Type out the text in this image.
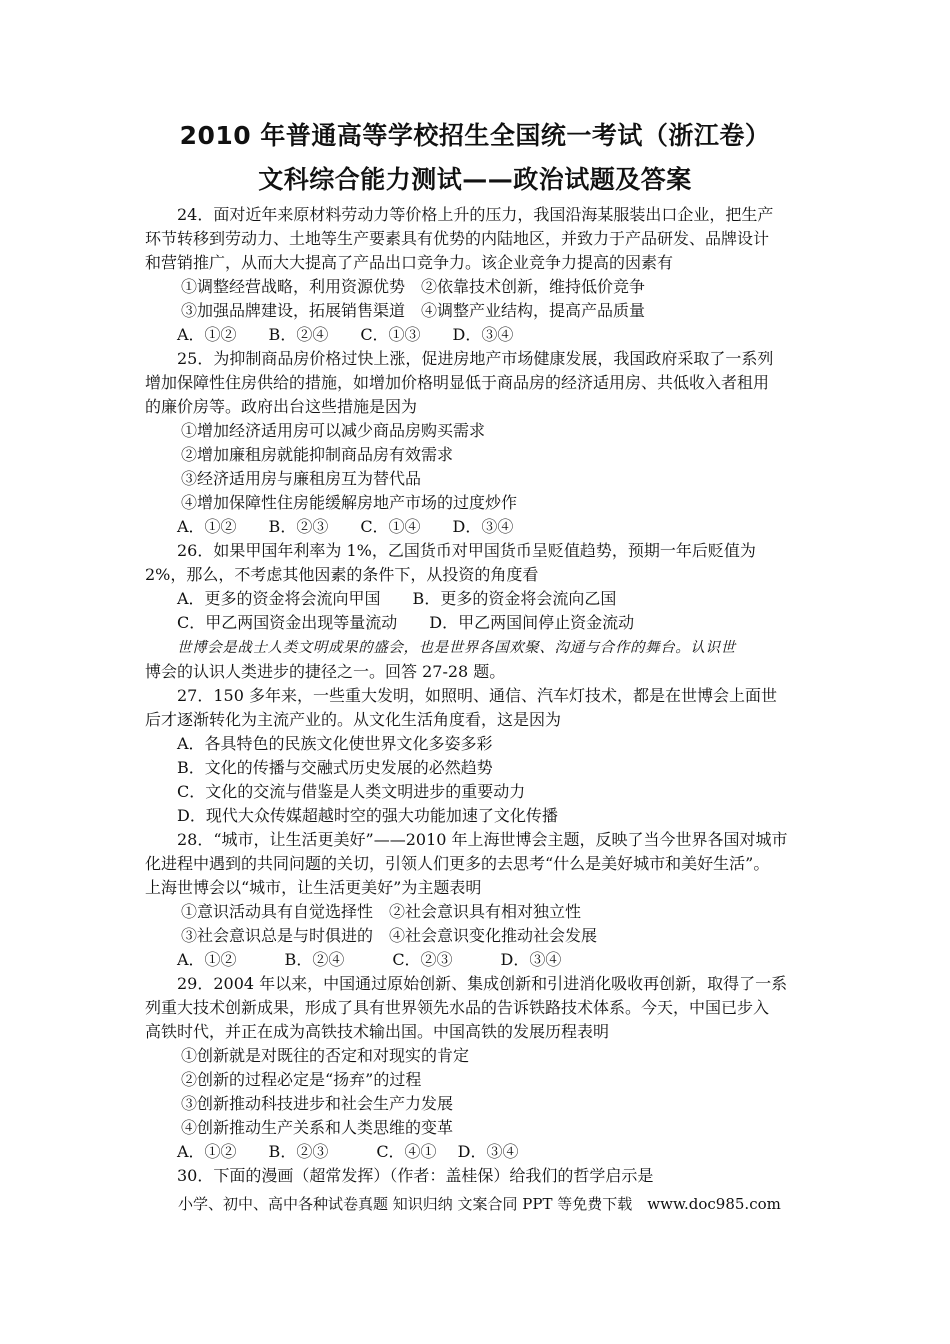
2010 年普通高等学校招生全国统一考试（浙江卷）
文科综合能力测试——政治试题及答案
24．面对近年来原材料劳动力等价格上升的压力，我国沿海某服装出口企业，把生产
环节转移到劳动力、土地等生产要素具有优势的内陆地区，并致力于产品研发、品牌设计
和营销推广，从而大大提高了产品出口竞争力。该企业竞争力提高的因素有
①调整经营战略，利用资源优势　②依靠技术创新，维持低价竞争
③加强品牌建设，拓展销售渠道　④调整产业结构，提高产品质量
A．①②　　B．②④　　C．①③　　D．③④
25．为抑制商品房价格过快上涨，促进房地产市场健康发展，我国政府采取了一系列
增加保障性住房供给的措施，如增加价格明显低于商品房的经济适用房、共低收入者租用
的廉价房等。政府出台这些措施是因为
①增加经济适用房可以减少商品房购买需求
②增加廉租房就能抑制商品房有效需求
③经济适用房与廉租房互为替代品
④增加保障性住房能缓解房地产市场的过度炒作
A．①②　　B．②③　　C．①④　　D．③④
26．如果甲国年利率为 1%，乙国货币对甲国货币呈贬值趋势，预期一年后贬值为
2%，那么，不考虑其他因素的条件下，从投资的角度看
A．更多的资金将会流向甲国　　B．更多的资金将会流向乙国
C．甲乙两国资金出现等量流动　　D．甲乙两国间停止资金流动
世博会是战士人类文明成果的盛会，也是世界各国欢聚、沟通与合作的舞台。认识世
博会的认识人类进步的捷径之一。回答 27-28 题。
27．150 多年来，一些重大发明，如照明、通信、汽车灯技术，都是在世博会上面世
后才逐渐转化为主流产业的。从文化生活角度看，这是因为
A．各具特色的民族文化使世界文化多姿多彩
B．文化的传播与交融式历史发展的必然趋势
C．文化的交流与借鉴是人类文明进步的重要动力
D．现代大众传媒超越时空的强大功能加速了文化传播
28．“城市，让生活更美好”——2010 年上海世博会主题，反映了当今世界各国对城市
化进程中遇到的共同问题的关切，引领人们更多的去思考“什么是美好城市和美好生活”。
上海世博会以“城市，让生活更美好”为主题表明
①意识活动具有自觉选择性　②社会意识具有相对独立性
③社会意识总是与时俱进的　④社会意识变化推动社会发展
A．①②　　　B．②④　　　C．②③　　　D．③④
29．2004 年以来，中国通过原始创新、集成创新和引进消化吸收再创新，取得了一系
列重大技术创新成果，形成了具有世界领先水品的告诉铁路技术体系。今天，中国已步入
高铁时代，并正在成为高铁技术输出国。中国高铁的发展历程表明
①创新就是对既往的否定和对现实的肯定
②创新的过程必定是“扬弃”的过程
③创新推动科技进步和社会生产力发展
④创新推动生产关系和人类思维的变革
A．①②　　B．②③　　　C．④①　 D．③④
30．下面的漫画（超常发挥）（作者：盖桂保）给我们的哲学启示是
小学、初中、高中各种试卷真题 知识归纳 文案合同 PPT 等免费下载　www.doc985.com
